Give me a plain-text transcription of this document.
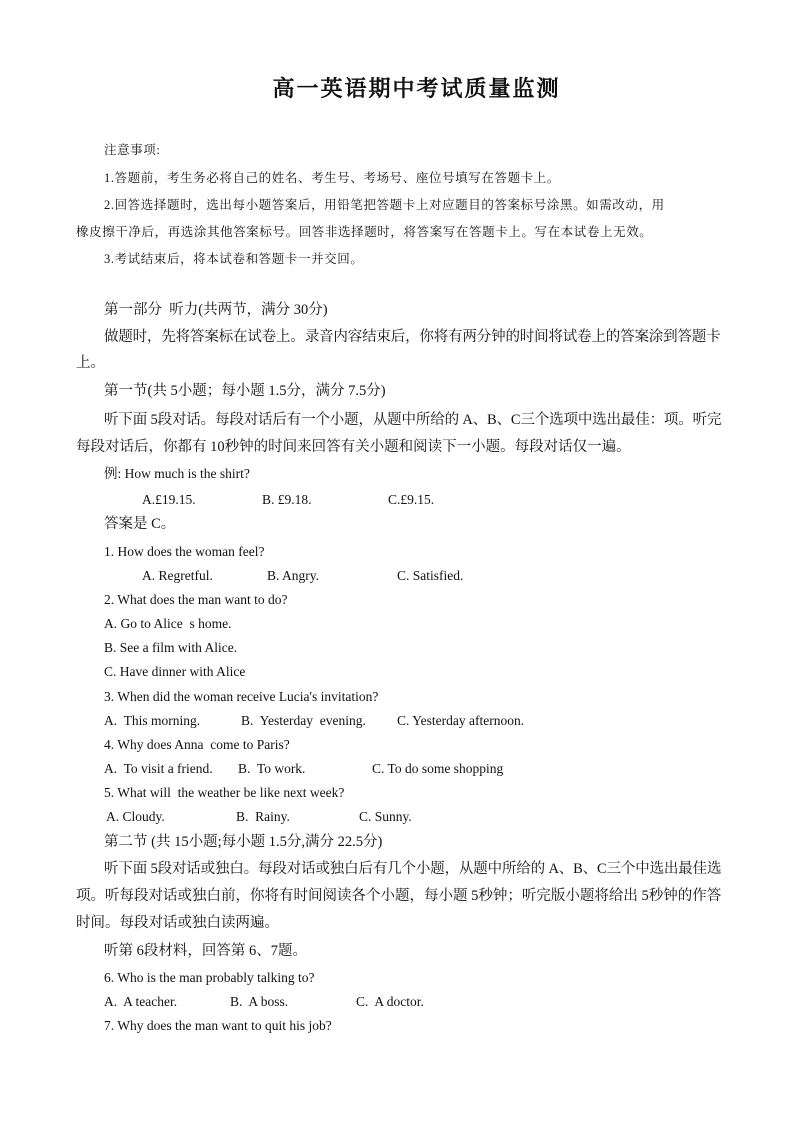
高一英语期中考试质量监测
注意事项:
1.答题前，考生务必将自己的姓名、考生号、考场号、座位号填写在答题卡上。
2.回答选择题时，选出每小题答案后，用铅笔把答题卡上对应题目的答案标号涂黑。如需改动，用
橡皮擦干净后，再选涂其他答案标号。回答非选择题时，将答案写在答题卡上。写在本试卷上无效。
3.考试结束后，将本试卷和答题卡一并交回。
第一部分  听力(共两节，满分 30分)
做题时，先将答案标在试卷上。录音内容结束后，你将有两分钟的时间将试卷上的答案涂到答题卡
上。
第一节(共 5小题；每小题 1.5分，满分 7.5分)
听下面 5段对话。每段对话后有一个小题，从题中所给的 A、B、C三个选项中选出最佳：项。听完
每段对话后，你都有 10秒钟的时间来回答有关小题和阅读下一小题。每段对话仅一遍。
例: How much is the shirt?
A.£19.15.	B. £9.18.	C.£9.15.
答案是 C。
1. How does the woman feel?
A. Regretful.	B. Angry.	C. Satisfied.
2. What does the man want to do?
A. Go to Alice  s home.
B. See a film with Alice.
C. Have dinner with Alice
3. When did the woman receive Lucia's invitation?
A.  This morning.	B.  Yesterday  evening. C. Yesterday afternoon.
4. Why does Anna  come to Paris?
A.  To visit a friend. B.  To work.	C. To do some shopping
5. What will  the weather be like next week?
A. Cloudy.	B.  Rainy.	C. Sunny.
第二节 (共 15小题;每小题 1.5分,满分 22.5分)
听下面 5段对话或独白。每段对话或独白后有几个小题，从题中所给的 A、B、C三个中选出最佳选
项。听每段对话或独白前，你将有时间阅读各个小题，每小题 5秒钟；听完版小题将给出 5秒钟的作答
时间。每段对话或独白读两遍。
听第 6段材料，回答第 6、7题。
6. Who is the man probably talking to?
A.  A teacher.	B.  A boss.	C.  A doctor.
7. Why does the man want to quit his job?
